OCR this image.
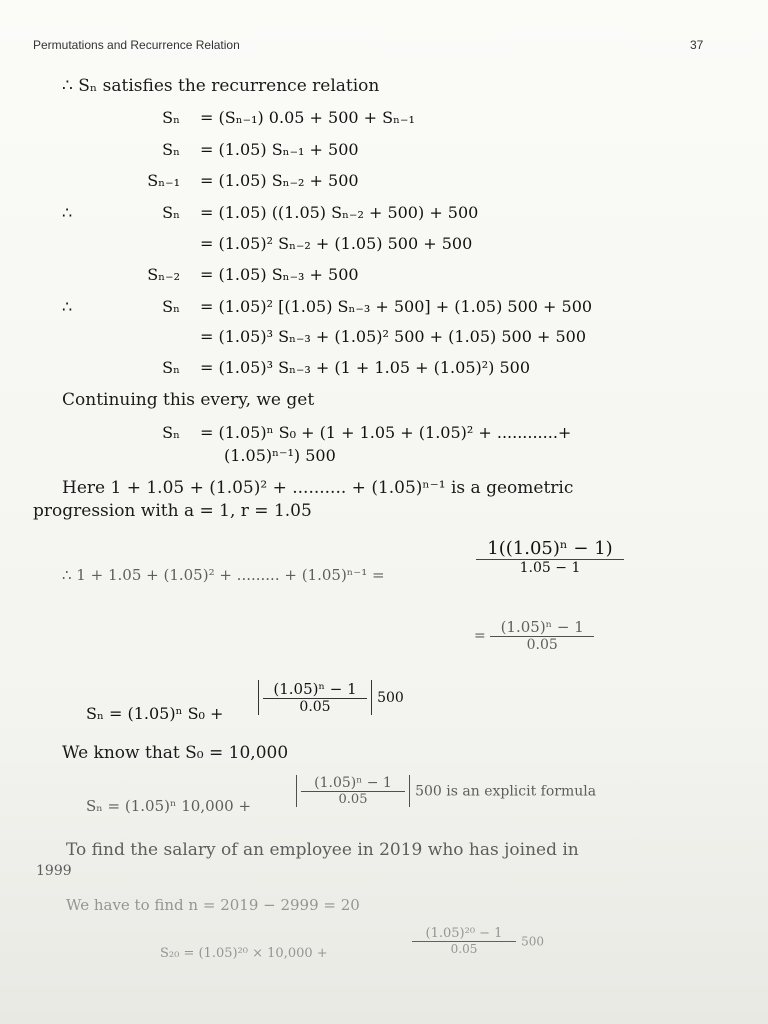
Permutations and Recurrence Relation	37
∴ Sₙ satisfies the recurrence relation
Sₙ = (Sₙ₋₁) 0.05 + 500 + Sₙ₋₁
Sₙ = (1.05) Sₙ₋₁ + 500
Sₙ₋₁ = (1.05) Sₙ₋₂ + 500
∴	Sₙ = (1.05) ((1.05) Sₙ₋₂ + 500) + 500
= (1.05)² Sₙ₋₂ + (1.05) 500 + 500
Sₙ₋₂ = (1.05) Sₙ₋₃ + 500
∴	Sₙ = (1.05)² [(1.05) Sₙ₋₃ + 500] + (1.05) 500 + 500
= (1.05)³ Sₙ₋₃ + (1.05)² 500 + (1.05) 500 + 500
Sₙ = (1.05)³ Sₙ₋₃ + (1 + 1.05 + (1.05)²) 500
Continuing this every, we get
Sₙ = (1.05)ⁿ S₀ + (1 + 1.05 + (1.05)² + ............+
(1.05)ⁿ⁻¹) 500
Here 1 + 1.05 + (1.05)² + .......... + (1.05)ⁿ⁻¹ is a geometric
progression with a = 1, r = 1.05
∴ 1 + 1.05 + (1.05)² + ......... + (1.05)ⁿ⁻¹ =	$\frac{\text{1((1.05)ⁿ − 1)}}{1.05 - 1}$
= $\frac{\text{(1.05)ⁿ − 1}}{0.05}$
Sₙ = (1.05)ⁿ S₀ +	$\frac{\text{(1.05)ⁿ − 1}}{0.05} 500$
We know that S₀ = 10,000
Sₙ = (1.05)ⁿ 10,000 +	$\frac{\text{(1.05)ⁿ − 1}}{0.05} 500$ is an explicit formula
To find the salary of an employee in 2019 who has joined in
1999
We have to find n = 2019 − 2999 = 20
S₂₀ = (1.05)²⁰ × 10,000 +	$\frac{\text{(1.05)²⁰ − 1}}{0.05} 500$
